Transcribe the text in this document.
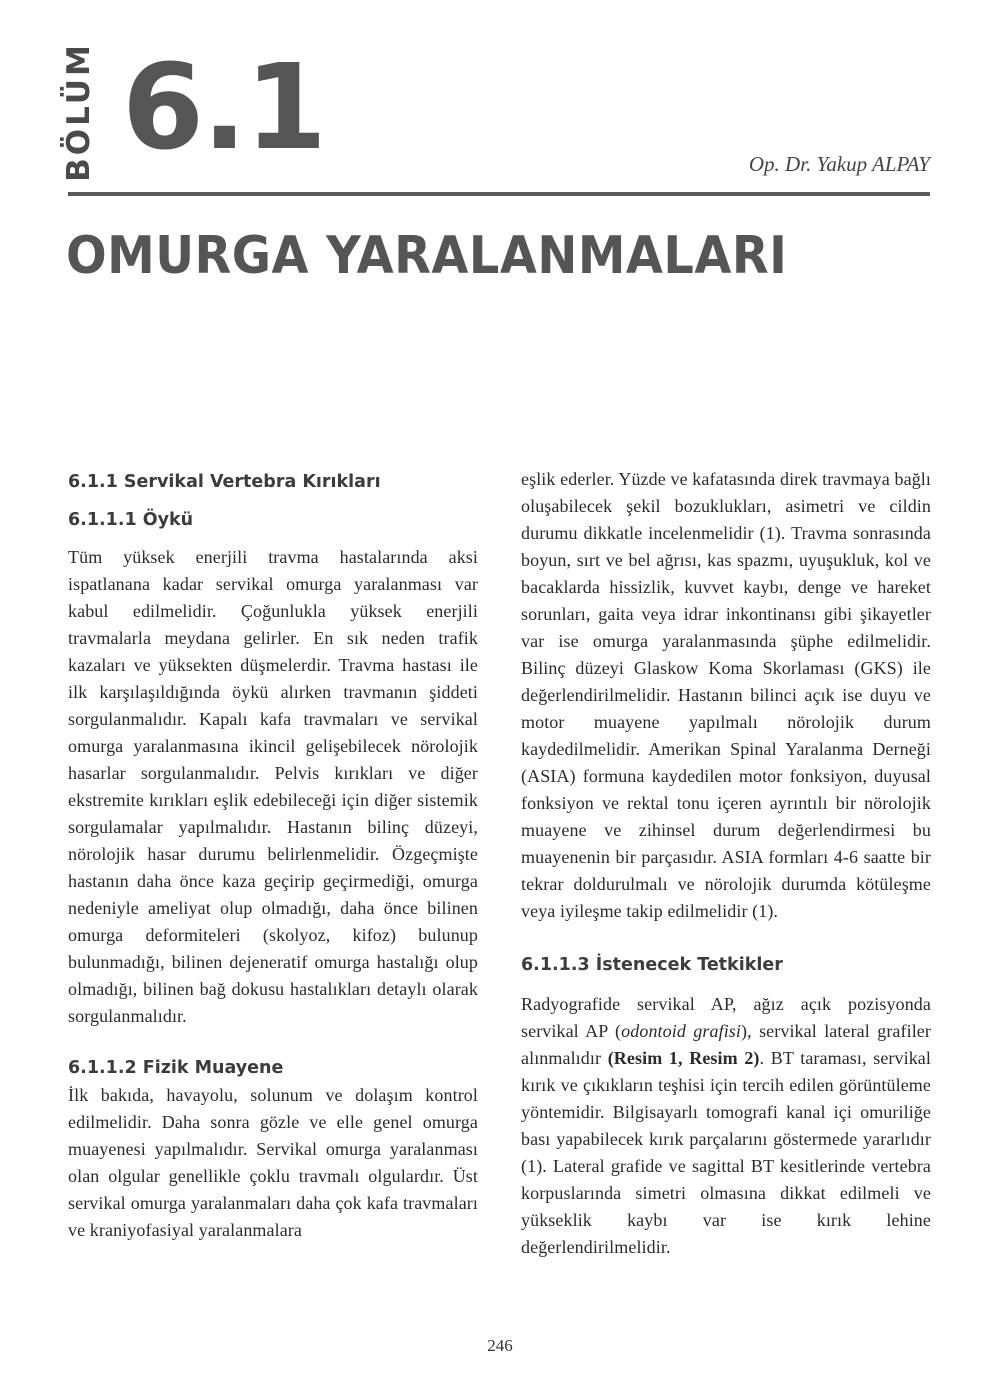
BÖLÜM 6.1	Op. Dr. Yakup ALPAY
OMURGA YARALANMALARI
6.1.1 Servikal Vertebra Kırıkları
6.1.1.1 Öykü

Tüm yüksek enerjili travma hastalarında aksi ispatlanana kadar servikal omurga yaralanması var kabul edilmelidir. Çoğunlukla yüksek enerjili travmalarla meydana gelirler. En sık neden trafik kazaları ve yüksekten düşmelerdir. Travma hastası ile ilk karşılaşıldığında öykü alırken travmanın şiddeti sorgulanmalıdır. Kapalı kafa travmaları ve servikal omurga yaralanmasına ikincil gelişebilecek nörolojik hasarlar sorgulanmalıdır. Pelvis kırıkları ve diğer ekstremite kırıkları eşlik edebileceği için diğer sistemik sorgulamalar yapılmalıdır. Hastanın bilinç düzeyi, nörolojik hasar durumu belirlenmelidir. Özgeçmişte hastanın daha önce kaza geçirip geçirmediği, omurga nedeniyle ameliyat olup olmadığı, daha önce bilinen omurga deformiteleri (skolyoz, kifoz) bulunup bulunmadığı, bilinen dejeneratif omurga hastalığı olup olmadığı, bilinen bağ dokusu hastalıkları detaylı olarak sorgulanmalıdır.

6.1.1.2 Fizik Muayene

İlk bakıda, havayolu, solunum ve dolaşım kontrol edilmelidir. Daha sonra gözle ve elle genel omurga muayenesi yapılmalıdır. Servikal omurga yaralanması olan olgular genellikle çoklu travmalı olgulardır. Üst servikal omurga yaralanmaları daha çok kafa travmaları ve kraniyofasiyal yaralanmalara

eşlik ederler. Yüzde ve kafatasında direk travmaya bağlı oluşabilecek şekil bozuklukları, asimetri ve cildin durumu dikkatle incelenmelidir (1). Travma sonrasında boyun, sırt ve bel ağrısı, kas spazmı, uyuşukluk, kol ve bacaklarda hissizlik, kuvvet kaybı, denge ve hareket sorunları, gaita veya idrar inkontinansı gibi şikayetler var ise omurga yaralanmasında şüphe edilmelidir. Bilinç düzeyi Glaskow Koma Skorlaması (GKS) ile değerlendirilmelidir. Hastanın bilinci açık ise duyu ve motor muayene yapılmalı nörolojik durum kaydedilmelidir. Amerikan Spinal Yaralanma Derneği (ASIA) formuna kaydedilen motor fonksiyon, duyusal fonksiyon ve rektal tonu içeren ayrıntılı bir nörolojik muayene ve zihinsel durum değerlendirmesi bu muayenenin bir parçasıdır. ASIA formları 4-6 saatte bir tekrar doldurulmalı ve nörolojik durumda kötüleşme veya iyileşme takip edilmelidir (1).

6.1.1.3 İstenecek Tetkikler

Radyografide servikal AP, ağız açık pozisyonda servikal AP (odontoid grafisi), servikal lateral grafiler alınmalıdır (Resim 1, Resim 2). BT taraması, servikal kırık ve çıkıkların teşhisi için tercih edilen görüntüleme yöntemidir. Bilgisayarlı tomografi kanal içi omuriliğe bası yapabilecek kırık parçalarını göstermede yararlıdır (1). Lateral grafide ve sagittal BT kesitlerinde vertebra korpuslarında simetri olmasına dikkat edilmeli ve yükseklik kaybı var ise kırık lehine değerlendirilmelidir.

246
